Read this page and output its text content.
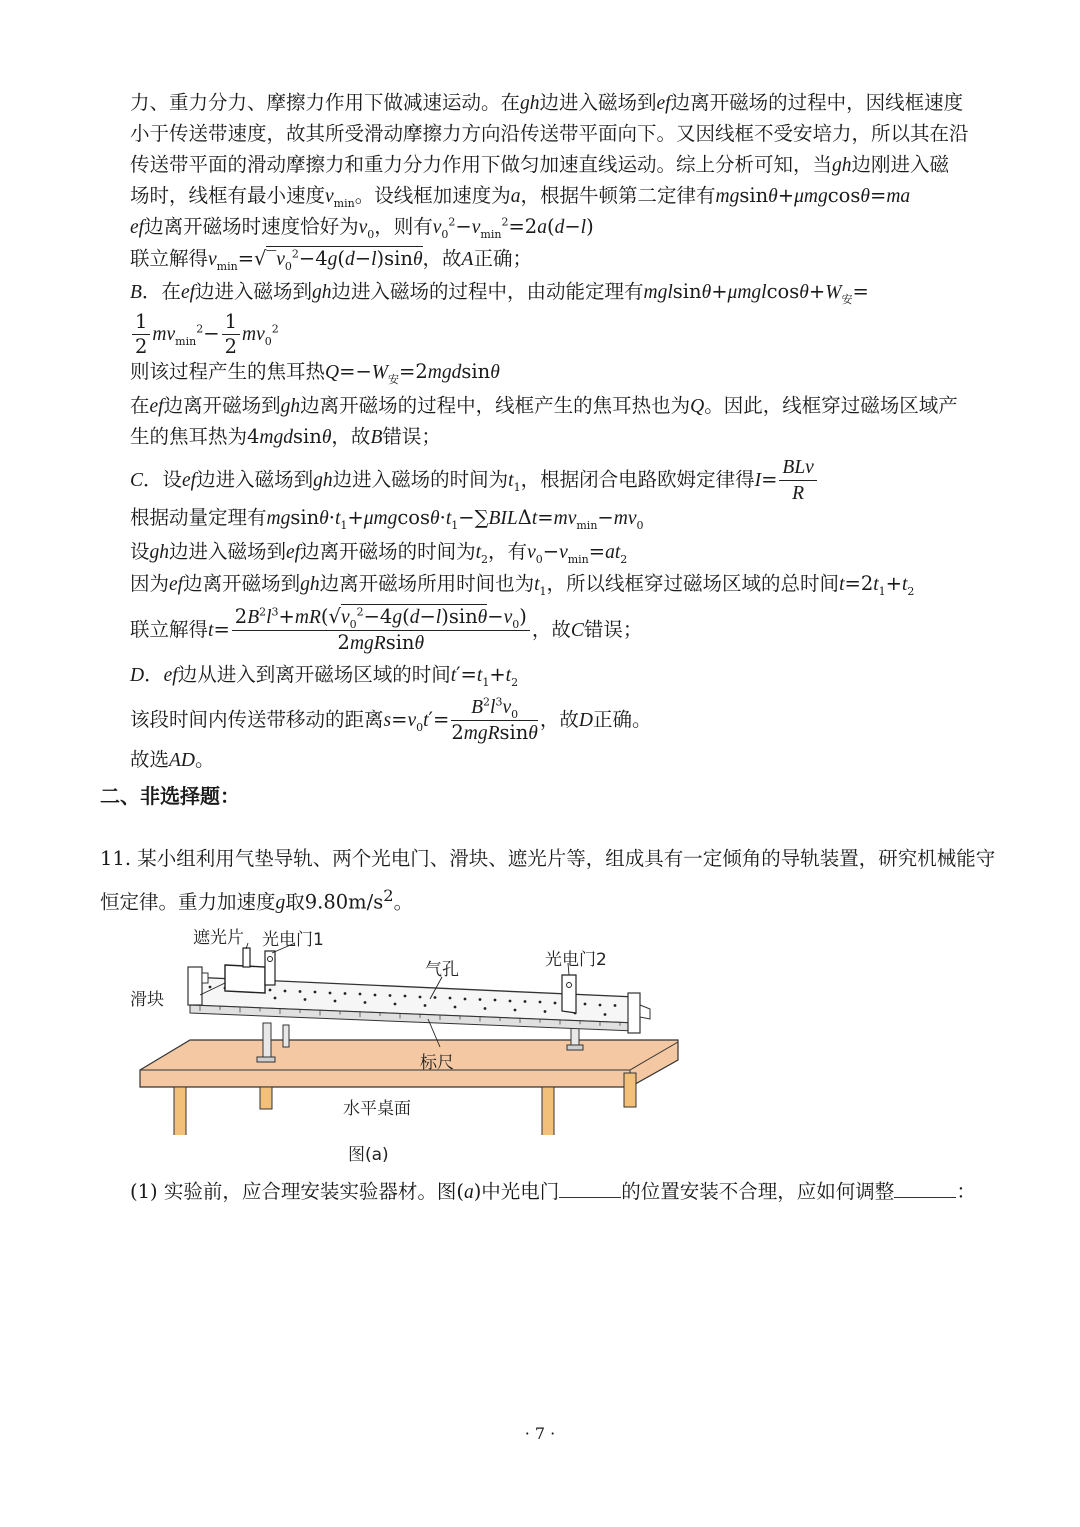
力、重力分力、摩擦力作用下做减速运动。在gh边进入磁场到ef边离开磁场的过程中，因线框速度
小于传送带速度，故其所受滑动摩擦力方向沿传送带平面向下。又因线框不受安培力，所以其在沿
传送带平面的滑动摩擦力和重力分力作用下做匀加速直线运动。综上分析可知，当gh边刚进入磁
场时，线框有最小速度$v_{min}$。设线框加速度为a，根据牛顿第二定律有mgsinθ+μmgcosθ=ma
ef边离开磁场时速度恰好为$v_0$，则有$v_0^2-v_{min}^2=2a(d-l)$
联立解得$v_{min}=√‾v_0^2-4g(d-l)\sin\theta$，故A正确；
B．在ef边进入磁场到gh边进入磁场的过程中，由动能定理有$mglsin\theta+\mu mglcos\theta+W_安=$
$\frac{1}{2} mv_{min}^2- \frac{1}{2} mv_0^2$
则该过程产生的焦耳热$Q=-W_安=2mgdsin\theta$
在ef边离开磁场到gh边离开磁场的过程中，线框产生的焦耳热也为Q。因此，线框穿过磁场区域产
生的焦耳热为4mgdsinθ，故B错误；
C．设ef边进入磁场到gh边进入磁场的时间为$t_1$，根据闭合电路欧姆定律得$I= \frac{\text{BLv}}{R}$
根据动量定理有$mgsin\theta\cdot t_1+\mu mgcos\theta\cdot t_1-\sum BIL\Delta t=mv_{min}-mv_0$
设gh边进入磁场到ef边离开磁场的时间为$t_2$，有$v_0-v_{min}=at_2$
因为ef边离开磁场到gh边离开磁场所用时间也为$t_1$，所以线框穿过磁场区域的总时间$t=2t_1+t_2$
联立解得$t= \frac{2B^2l^3+mR(√v_0^2-4g(d-l)\sin\theta-v_0)}{\text{2mgRsinθ}}$ ，故C错误；
D．ef边从进入到离开磁场区域的时间$t'=t_1+t_2$
该段时间内传送带移动的距离$s=v_0t'= \frac{B^2l^3v_0}{\text{2mgRsinθ}}$ ，故D正确。
故选AD。
二、非选择题：
11. 某小组利用气垫导轨、两个光电门、滑块、遮光片等，组成具有一定倾角的导轨装置，研究机械能守
恒定律。重力加速度g取$9.80m/s^2$。
遮光片 光电门1
气孔	光电门2
滑块
标尺
水平桌面
图(a)
(1) 实验前，应合理安装实验器材。图(a)中光电门	的位置安装不合理，应如何调整	：
· 7 ·
